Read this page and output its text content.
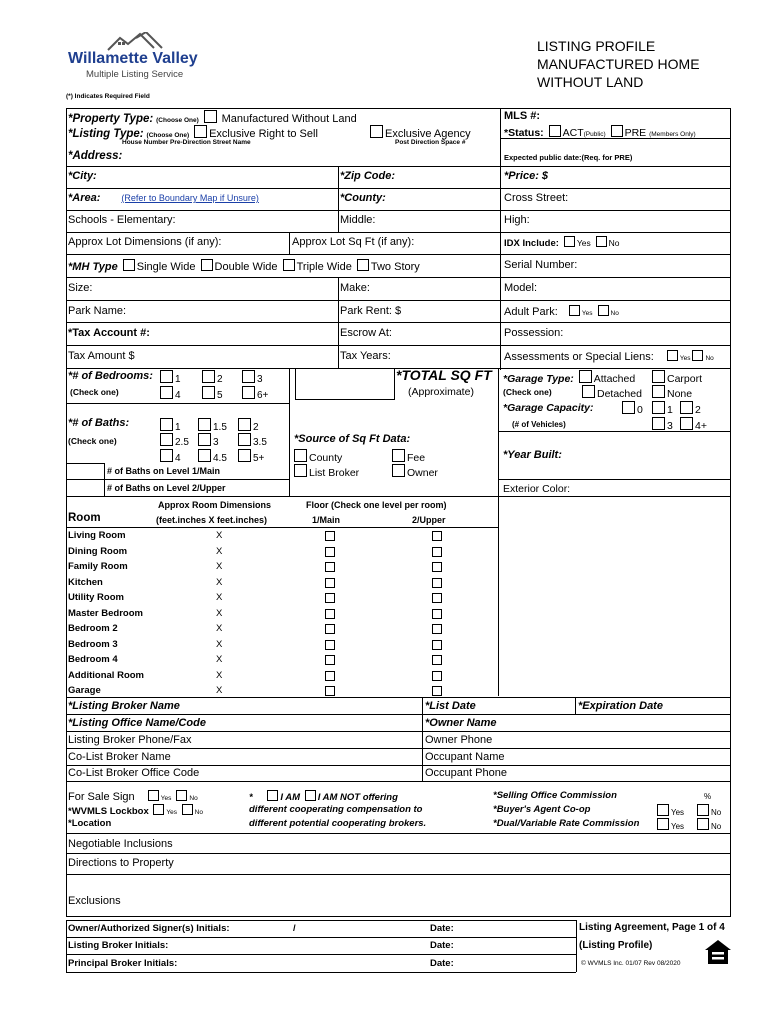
Willamette Valley
Multiple Listing Service
LISTING PROFILE
MANUFACTURED HOME
WITHOUT LAND
(*) Indicates Required Field
*Property Type: (Choose One) Manufactured Without Land	MLS #:
*Listing Type: (Choose One) Exclusive Right to Sell	Exclusive Agency	*Status: ACT(Public) PRE (Members Only)
House Number Pre-Direction Street Name	Post Direction Space #
*Address:	Expected public date:(Req. for PRE)
*City:	*Zip Code:	*Price: $
*Area: (Refer to Boundary Map if Unsure)	*County:	Cross Street:
Schools - Elementary:	Middle:	High:
Approx Lot Dimensions (if any):	Approx Lot Sq Ft (if any):	IDX Include: Yes No
*MH Type Single Wide Double Wide Triple Wide Two Story	Serial Number:
Size:	Make:	Model:
Park Name:	Park Rent: $	Adult Park:	Yes	No
*Tax Account #:	Escrow At:	Possession:
Tax Amount $	Tax Years:	Assessments or Special Liens:	Yes No
*# of Bedrooms:
(Check one)
1	2	3
4	5	6+
*TOTAL SQ FT
(Approximate)
*Garage Type: Attached	Carport
(Check one)	Detached	None
*Garage Capacity:	0	1	2
(# of Vehicles)	3	4+
*# of Baths:
(Check one)
1	1.5	2
2.5	3	3.5
4	4.5	5+
*Source of Sq Ft Data:
County	Fee
List Broker	Owner
*Year Built:
# of Baths on Level 1/Main
# of Baths on Level 2/Upper	Exterior Color:
Approx Room Dimensions
(feet.inches X feet.inches)
Floor (Check one level per room)
1/Main	2/Upper
Room
Living Room	X
Dining Room	X
Family Room	X
Kitchen	X
Utility Room	X
Master Bedroom	X
Bedroom 2	X
Bedroom 3	X
Bedroom 4	X
Additional Room	X
Garage	X
*Listing Broker Name	*List Date	*Expiration Date
*Listing Office Name/Code	*Owner Name
Listing Broker Phone/Fax	Owner Phone
Co-List Broker Name	Occupant Name
Co-List Broker Office Code	Occupant Phone
For Sale Sign	Yes	No
*WVMLS Lockbox	Yes	No
*Location
*	I AM I AM NOT offering
different cooperating compensation to
different potential cooperating brokers.
*Selling Office Commission	%
*Buyer's Agent Co-op	Yes	No
*Dual/Variable Rate Commission	Yes	No
Negotiable Inclusions
Directions to Property
Exclusions
Owner/Authorized Signer(s) Initials:	/	Date:
Listing Broker Initials:	Date:
Principal Broker Initials:	Date:
Listing Agreement, Page 1 of 4
(Listing Profile)
© WVMLS Inc. 01/07 Rev 08/2020
